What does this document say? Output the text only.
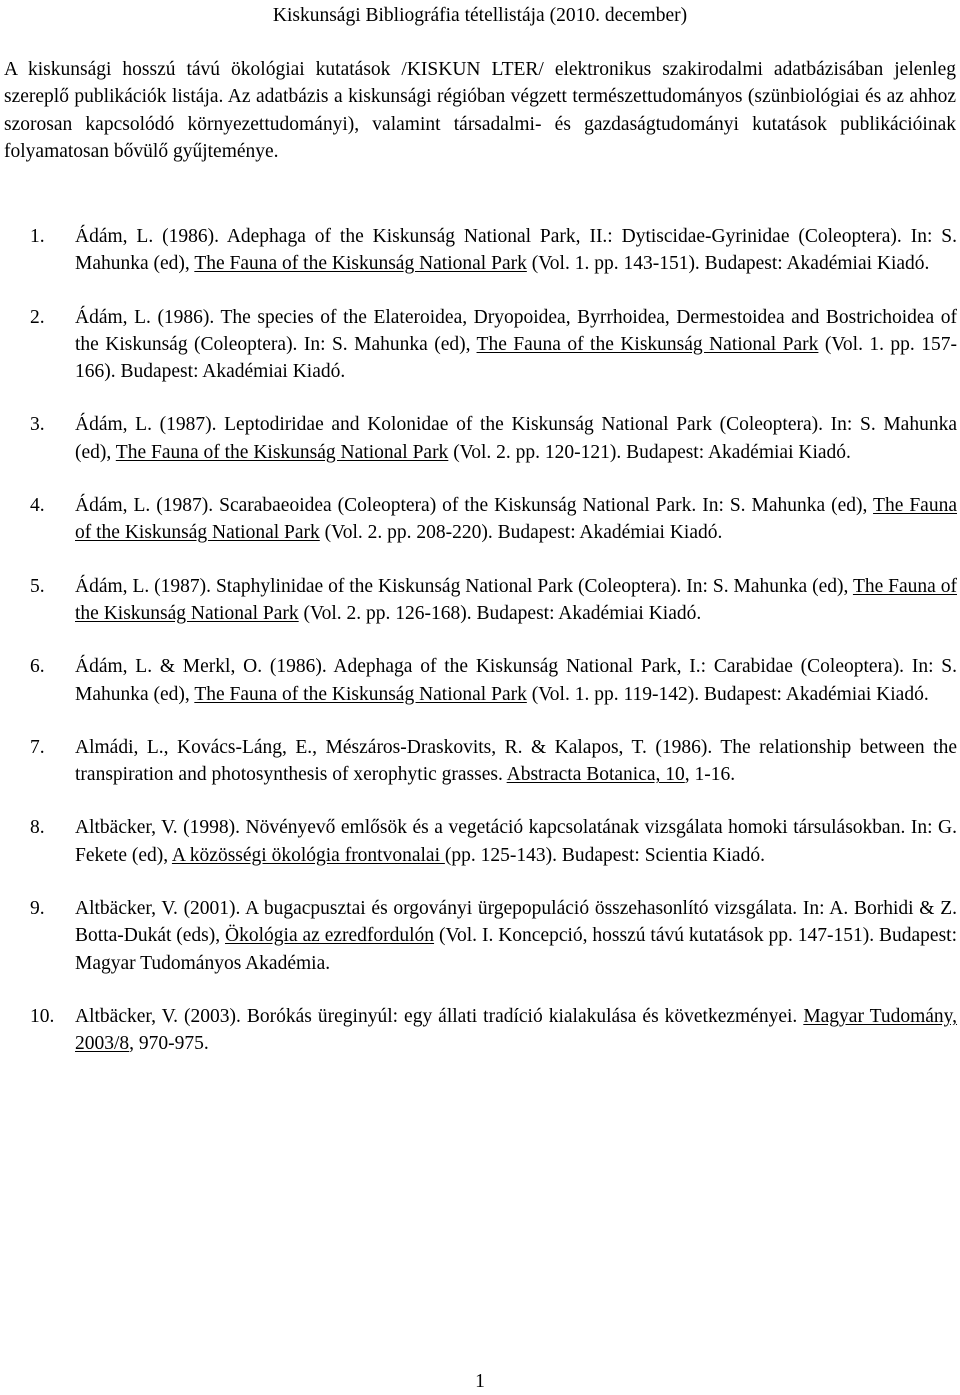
Kiskunsági Bibliográfia tétellistája (2010. december)

A kiskunsági hosszú távú ökológiai kutatások /KISKUN LTER/ elektronikus szakirodalmi adatbázisában jelenleg szereplő publikációk listája. Az adatbázis a kiskunsági régióban végzett természettudományos (szünbiológiai és az ahhoz szorosan kapcsolódó környezettudományi), valamint társadalmi- és gazdaságtudományi kutatások publikációinak folyamatosan bővülő gyűjteménye.

1. Ádám, L. (1986). Adephaga of the Kiskunság National Park, II.: Dytiscidae-Gyrinidae (Coleoptera). In: S. Mahunka (ed), The Fauna of the Kiskunság National Park (Vol. 1. pp. 143-151). Budapest: Akadémiai Kiadó.
2. Ádám, L. (1986). The species of the Elateroidea, Dryopoidea, Byrrhoidea, Dermestoidea and Bostrichoidea of the Kiskunság (Coleoptera). In: S. Mahunka (ed), The Fauna of the Kiskunság National Park (Vol. 1. pp. 157-166). Budapest: Akadémiai Kiadó.
3. Ádám, L. (1987). Leptodiridae and Kolonidae of the Kiskunság National Park (Coleoptera). In: S. Mahunka (ed), The Fauna of the Kiskunság National Park (Vol. 2. pp. 120-121). Budapest: Akadémiai Kiadó.
4. Ádám, L. (1987). Scarabaeoidea (Coleoptera) of the Kiskunság National Park. In: S. Mahunka (ed), The Fauna of the Kiskunság National Park (Vol. 2. pp. 208-220). Budapest: Akadémiai Kiadó.
5. Ádám, L. (1987). Staphylinidae of the Kiskunság National Park (Coleoptera). In: S. Mahunka (ed), The Fauna of the Kiskunság National Park (Vol. 2. pp. 126-168). Budapest: Akadémiai Kiadó.
6. Ádám, L. & Merkl, O. (1986). Adephaga of the Kiskunság National Park, I.: Carabidae (Coleoptera). In: S. Mahunka (ed), The Fauna of the Kiskunság National Park (Vol. 1. pp. 119-142). Budapest: Akadémiai Kiadó.
7. Almádi, L., Kovács-Láng, E., Mészáros-Draskovits, R. & Kalapos, T. (1986). The relationship between the transpiration and photosynthesis of xerophytic grasses. Abstracta Botanica, 10, 1-16.
8. Altbäcker, V. (1998). Növényevő emlősök és a vegetáció kapcsolatának vizsgálata homoki társulásokban. In: G. Fekete (ed), A közösségi ökológia frontvonalai (pp. 125-143). Budapest: Scientia Kiadó.
9. Altbäcker, V. (2001). A bugacpusztai és orgoványi ürgepopuláció összehasonlító vizsgálata. In: A. Borhidi & Z. Botta-Dukát (eds), Ökológia az ezredfordulón (Vol. I. Koncepció, hosszú távú kutatások pp. 147-151). Budapest: Magyar Tudományos Akadémia.
10. Altbäcker, V. (2003). Borókás üreginyúl: egy állati tradíció kialakulása és következményei. Magyar Tudomány, 2003/8, 970-975.
1
